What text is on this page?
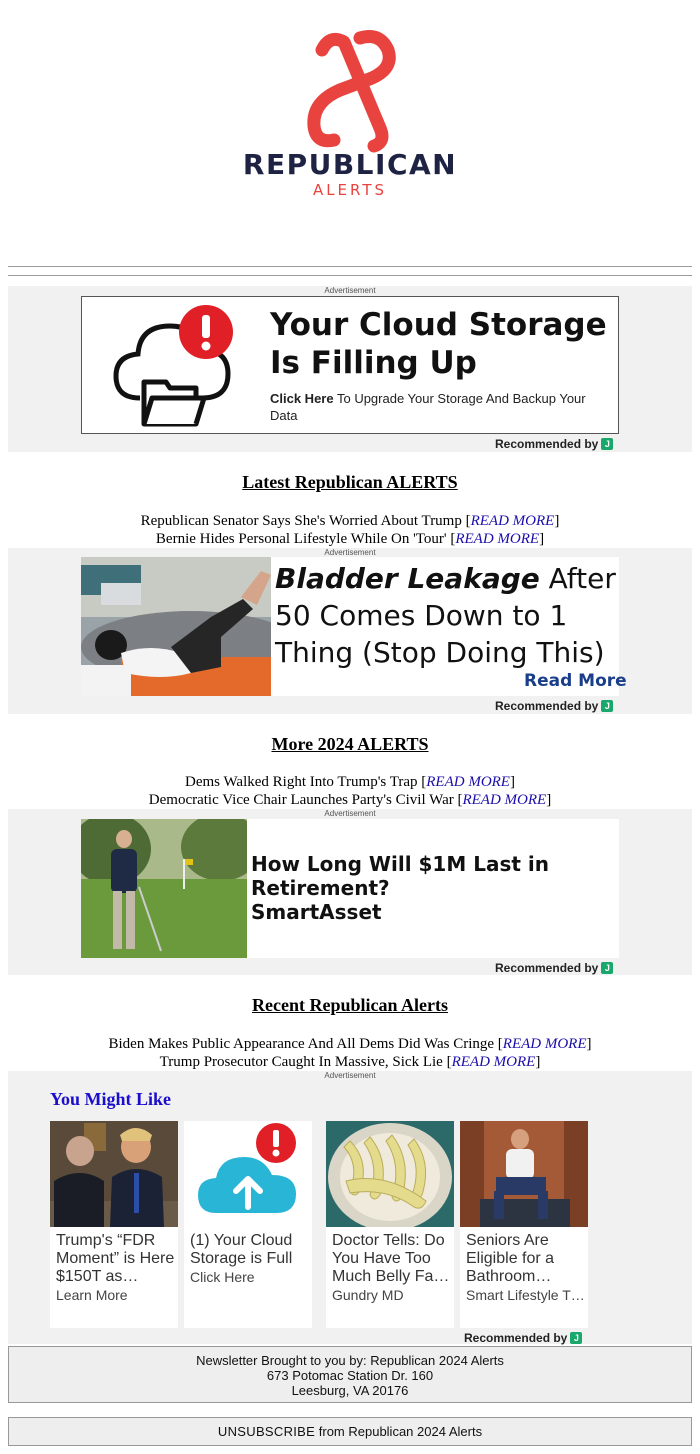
REPUBLICAN
ALERTS
Advertisement
Your Cloud Storage Is Filling Up
Click Here To Upgrade Your Storage And Backup Your Data
Recommended by J
Latest Republican ALERTS
Republican Senator Says She's Worried About Trump [READ MORE]
Bernie Hides Personal Lifestyle While On 'Tour' [READ MORE]
Advertisement
Bladder Leakage After 50 Comes Down to 1 Thing (Stop Doing This)
Read More
Recommended by J
More 2024 ALERTS
Dems Walked Right Into Trump's Trap [READ MORE]
Democratic Vice Chair Launches Party's Civil War [READ MORE]
Advertisement
How Long Will $1M Last in Retirement?
SmartAsset
Recommended by J
Recent Republican Alerts
Biden Makes Public Appearance And All Dems Did Was Cringe [READ MORE]
Trump Prosecutor Caught In Massive, Sick Lie [READ MORE]
Advertisement
You Might Like
Trump's “FDR Moment” is Here $150T as…
Learn More
(1) Your Cloud Storage is Full
Click Here
Doctor Tells: Do You Have Too Much Belly Fa…
Gundry MD
Seniors Are Eligible for a Bathroom…
Smart Lifestyle T…
Recommended by J
Newsletter Brought to you by: Republican 2024 Alerts
673 Potomac Station Dr. 160
Leesburg, VA 20176
UNSUBSCRIBE from Republican 2024 Alerts
